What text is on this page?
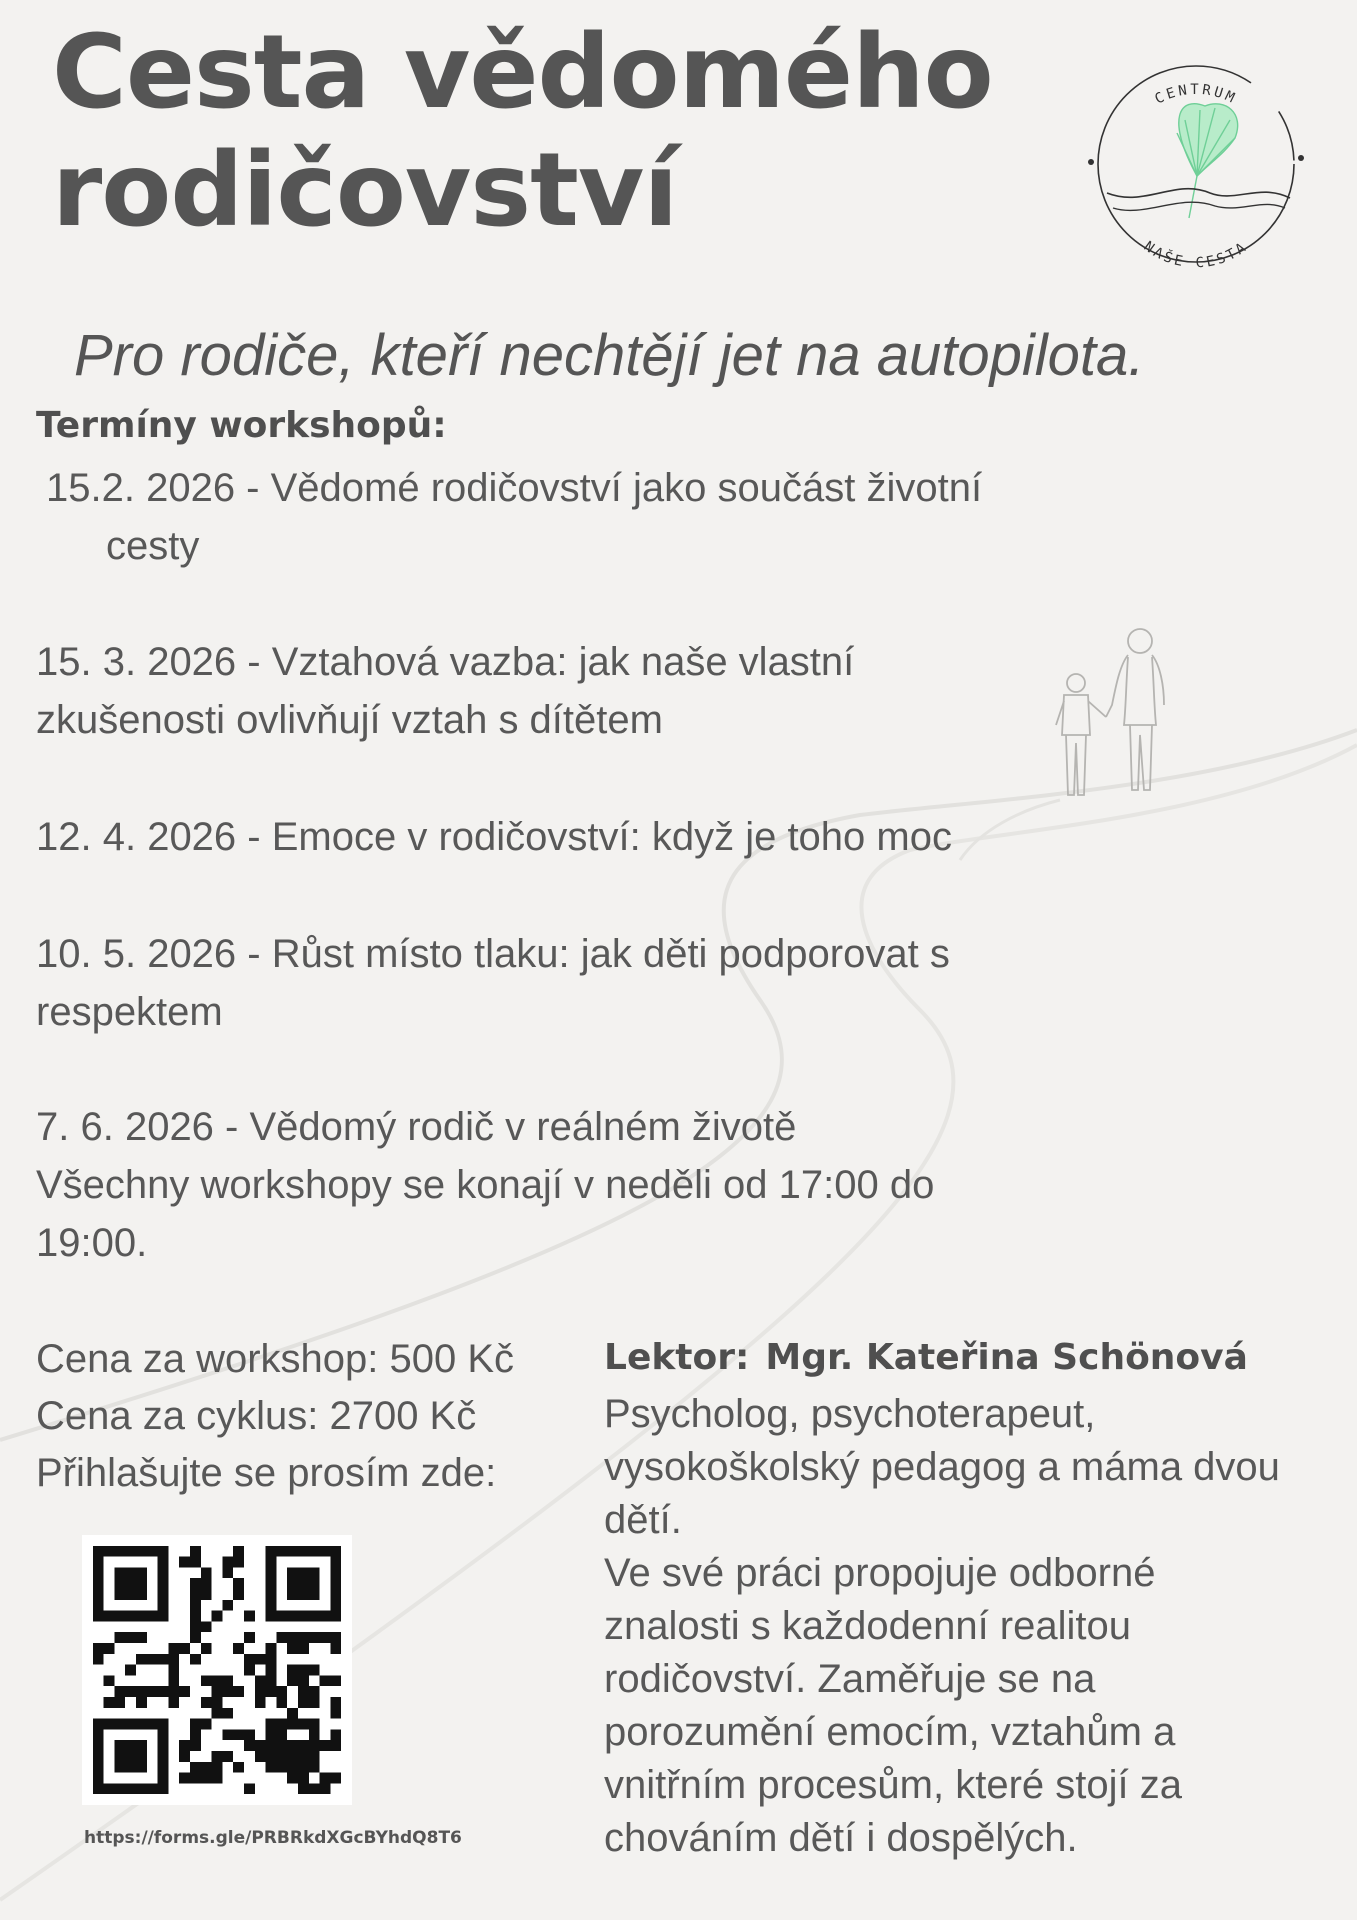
Cesta vědomého
rodičovství
CENTRUM
NAŠE CESTA
Pro rodiče, kteří nechtějí jet na autopilota.
Termíny workshopů:
15.2. 2026 - Vědomé rodičovství jako součást životní
cesty
15. 3. 2026 - Vztahová vazba: jak naše vlastní
zkušenosti ovlivňují vztah s dítětem
12. 4. 2026 - Emoce v rodičovství: když je toho moc
10. 5. 2026 - Růst místo tlaku: jak děti podporovat s
respektem
7. 6. 2026 - Vědomý rodič v reálném životě
Všechny workshopy se konají v neděli od 17:00 do
19:00.
Cena za workshop: 500 Kč
Cena za cyklus: 2700 Kč
Přihlašujte se prosím zde:
https://forms.gle/PRBRkdXGcBYhdQ8T6
Lektor: Mgr. Kateřina Schönová
Psycholog, psychoterapeut,
vysokoškolský pedagog a máma dvou
dětí.
Ve své práci propojuje odborné
znalosti s každodenní realitou
rodičovství. Zaměřuje se na
porozumění emocím, vztahům a
vnitřním procesům, které stojí za
chováním dětí i dospělých.
